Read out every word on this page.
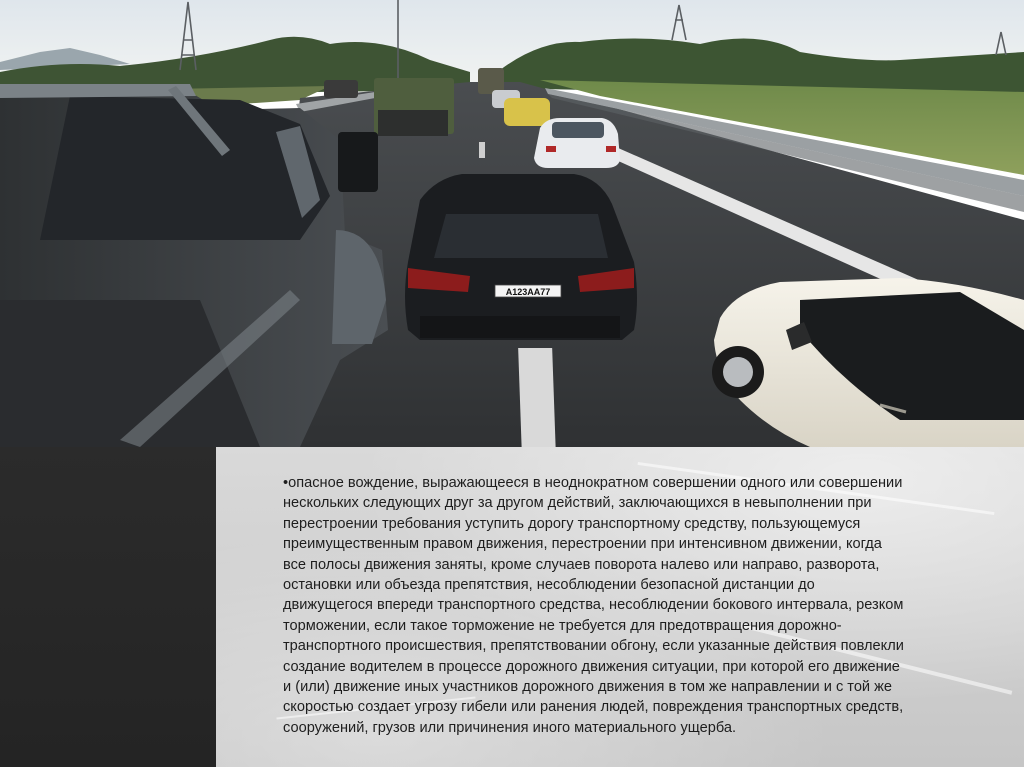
А123АА77

•опасное вождение, выражающееся в неоднократном совершении одного или совершении
нескольких следующих друг за другом действий, заключающихся в невыполнении при
перестроении требования уступить дорогу транспортному средству, пользующемуся
преимущественным правом движения, перестроении при интенсивном движении, когда
все полосы движения заняты, кроме случаев поворота налево или направо, разворота,
остановки или объезда препятствия, несоблюдении безопасной дистанции до
движущегося впереди транспортного средства, несоблюдении бокового интервала, резком
торможении, если такое торможение не требуется для предотвращения дорожно-
транспортного происшествия, препятствовании обгону, если указанные действия повлекли
создание водителем в процессе дорожного движения ситуации, при которой его движение
и (или) движение иных участников дорожного движения в том же направлении и с той же
скоростью создает угрозу гибели или ранения людей, повреждения транспортных средств,
сооружений, грузов или причинения иного материального ущерба.
